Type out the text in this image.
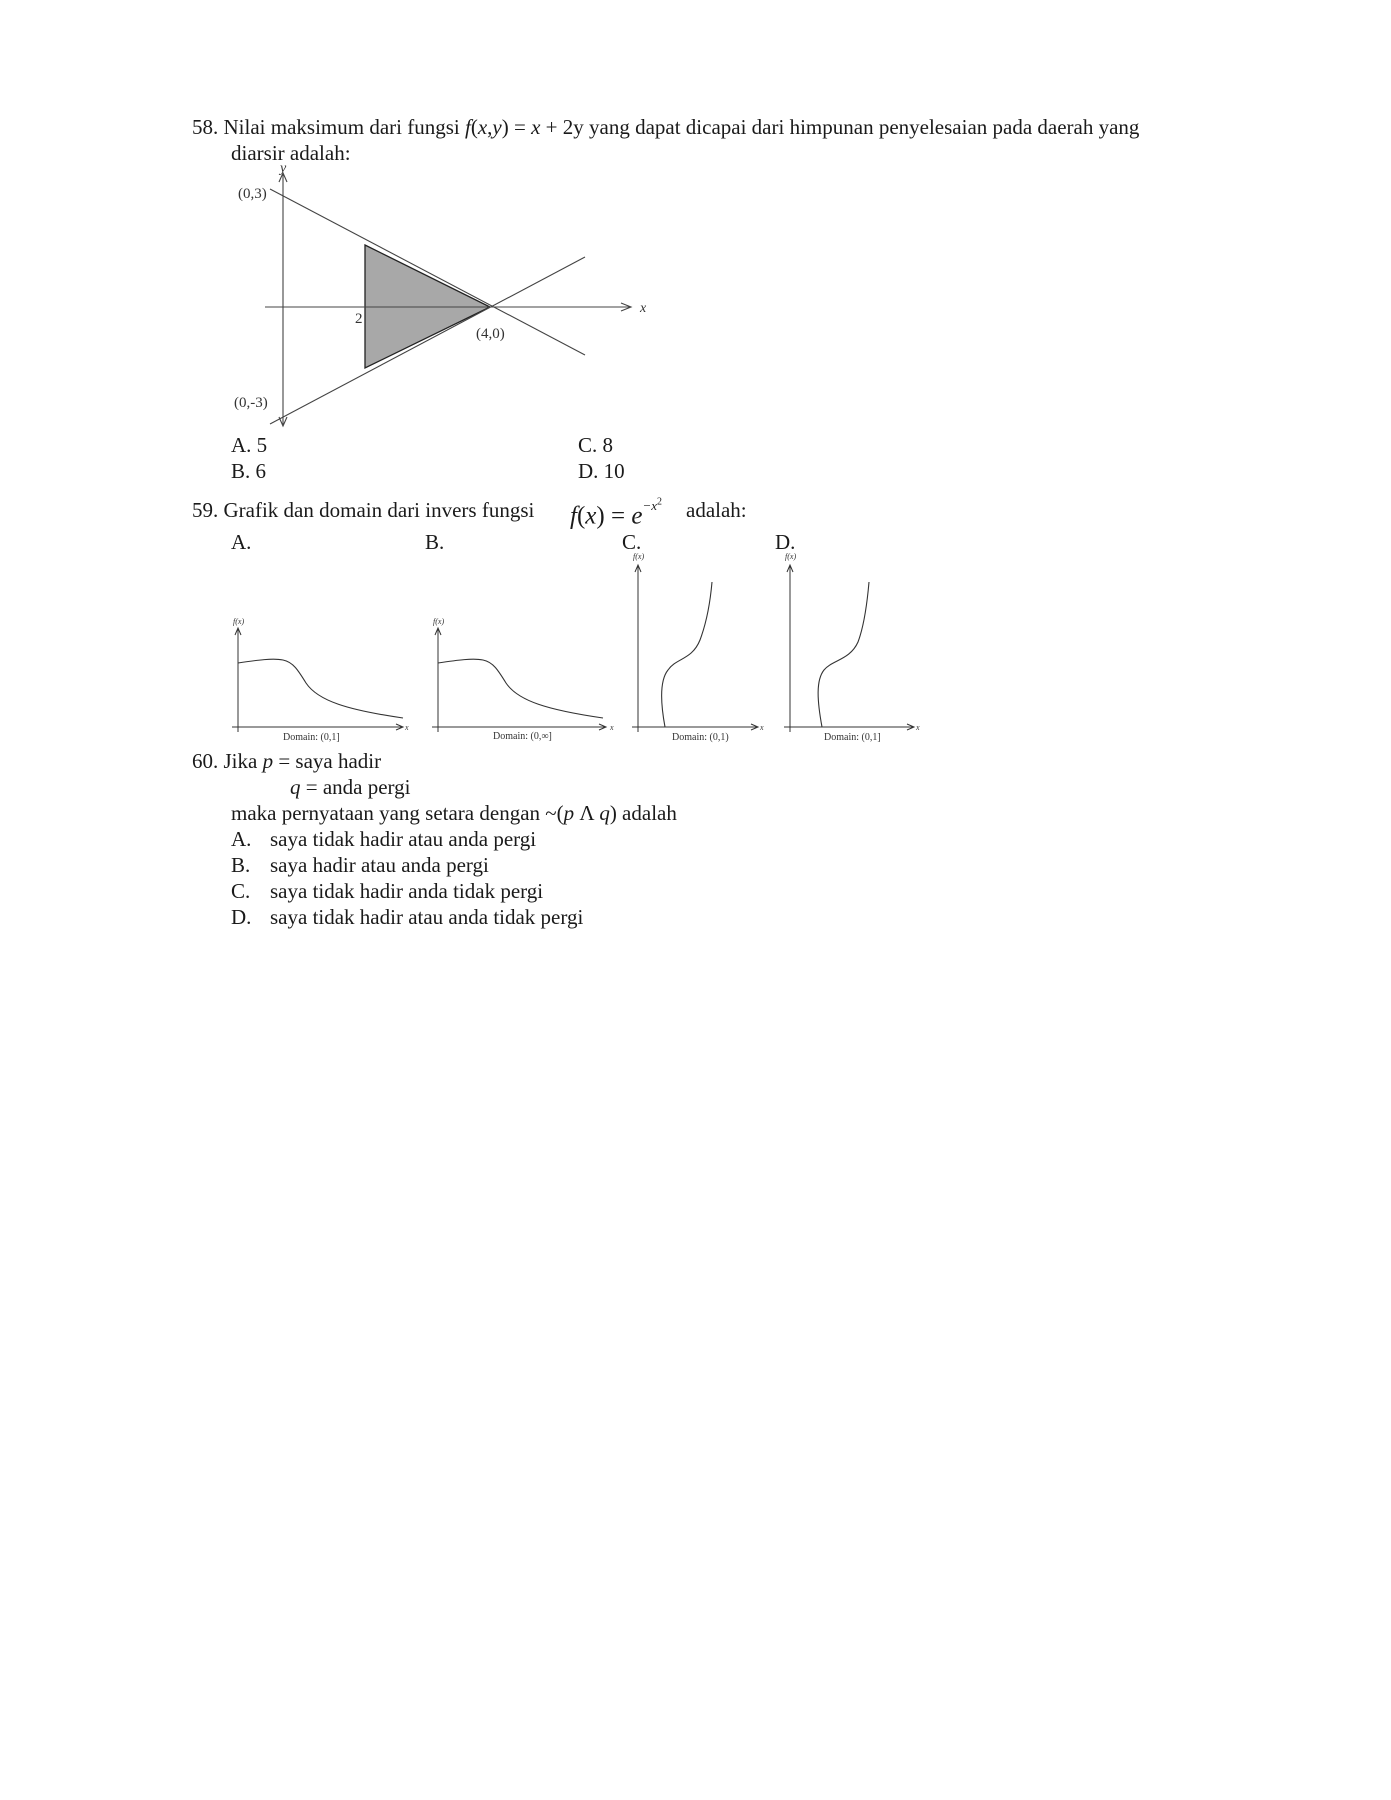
58. Nilai maksimum dari fungsi f(x,y) = x + 2y yang dapat dicapai dari himpunan penyelesaian pada daerah yang
diarsir adalah:
y
x
(0,3)
(0,-3)
(4,0)
2
A. 5	C. 8
B. 6	D. 10
59. Grafik dan domain dari invers fungsi $f(x) = e^{-x^2}$ adalah:
A.	B.	C.	D.
f(x)
x
Domain: (0,1]
f(x)
x
Domain: (0,∞]
f(x)
x
Domain: (0,1)
f(x)
x
Domain: (0,1]
60. Jika p = saya hadir
q = anda pergi
maka pernyataan yang setara dengan ~(p Λ q) adalah
A. saya tidak hadir atau anda pergi
B. saya hadir atau anda pergi
C. saya tidak hadir anda tidak pergi
D. saya tidak hadir atau anda tidak pergi
